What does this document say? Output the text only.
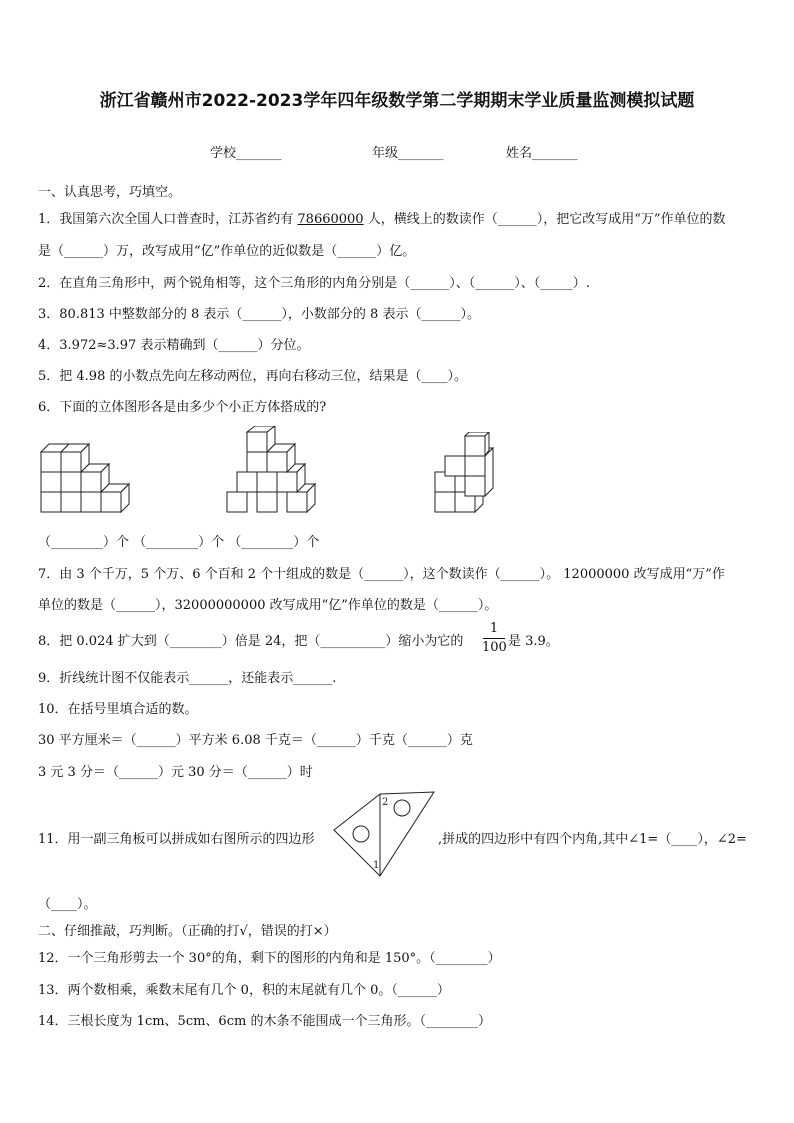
浙江省赣州市2022-2023学年四年级数学第二学期期末学业质量监测模拟试题
学校_______	年级_______	姓名_______
一、认真思考，巧填空。
1．我国第六次全国人口普查时，江苏省约有 78660000 人，横线上的数读作（______），把它改写成用“万”作单位的数
是（______）万，改写成用“亿”作单位的近似数是（______）亿。
2．在直角三角形中，两个锐角相等，这个三角形的内角分别是（______）、（______）、（_____）.
3．80.813 中整数部分的 8 表示（______），小数部分的 8 表示（______）。
4．3.972≈3.97 表示精确到（______）分位。
5．把 4.98 的小数点先向左移动两位，再向右移动三位，结果是（____）。
6．下面的立体图形各是由多少个小正方体搭成的?
（________）个 （________）个 （________）个
7．由 3 个千万，5 个万、6 个百和 2 个十组成的数是（______），这个数读作（______）。 12000000 改写成用“万”作
单位的数是（______），32000000000 改写成用“亿”作单位的数是（______）。
8．把 0.024 扩大到（________）倍是 24，把（__________）缩小为它的
1
100 是 3.9。
9．折线统计图不仅能表示______，还能表示______.
10．在括号里填合适的数。
30 平方厘米＝（______）平方米 6.08 千克＝（______）千克（______）克
3 元 3 分＝（______）元 30 分＝（______）时
11．用一副三角板可以拼成如右图所示的四边形
1
2
,拼成的四边形中有四个内角,其中∠1=（____），∠2=
（____）。
二、仔细推敲，巧判断。（正确的打√，错误的打×）
12．一个三角形剪去一个 30°的角，剩下的图形的内角和是 150°。（________）
13．两个数相乘，乘数末尾有几个 0，积的末尾就有几个 0。（______）
14．三根长度为 1cm、5cm、6cm 的木条不能围成一个三角形。（________）
